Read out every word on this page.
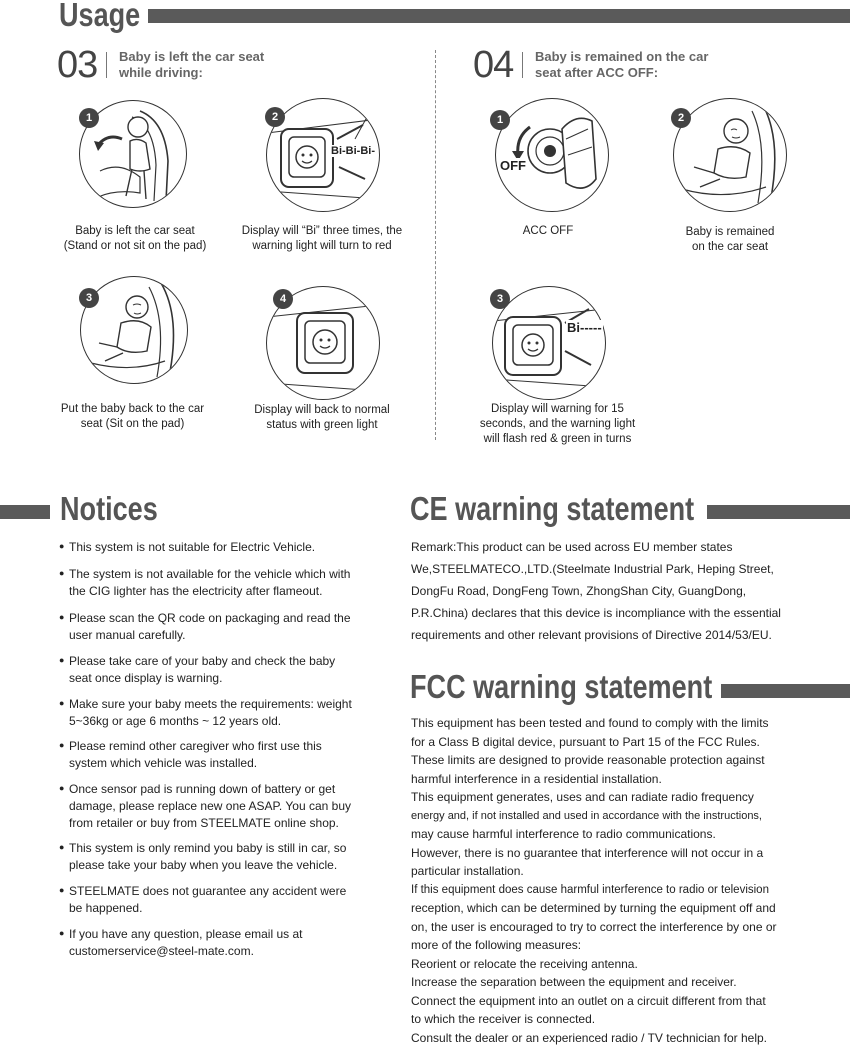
Usage
03 Baby is left the car seat
while driving:
1
Baby is left the car seat
(Stand or not sit on the pad)
Bi-Bi-Bi-
2
Display will “Bi” three times, the
warning light will turn to red
3
Put the baby back to the car
seat (Sit on the pad)
4
Display will back to normal
status with green light
04 Baby is remained on the car
seat after ACC OFF:
OFF
1
ACC OFF
2
Baby is remained
on the car seat
Bi-----
3
Display will warning for 15
seconds, and the warning light
will flash red & green in turns
Notices
● This system is not suitable for Electric Vehicle.
● The system is not available for the vehicle which with
the CIG lighter has the electricity after flameout.
● Please scan the QR code on packaging and read the
user manual carefully.
● Please take care of your baby and check the baby
seat once display is warning.
● Make sure your baby meets the requirements: weight
5~36kg or age 6 months ~ 12 years old.
● Please remind other caregiver who first use this
system which vehicle was installed.
● Once sensor pad is running down of battery or get
damage, please replace new one ASAP. You can buy
from retailer or buy from STEELMATE online shop.
● This system is only remind you baby is still in car, so
please take your baby when you leave the vehicle.
● STEELMATE does not guarantee any accident were
be happened.
● If you have any question, please email us at
customerservice@steel-mate.com.
CE warning statement

Remark:This product can be used across EU member states

We,STEELMATECO.,LTD.(Steelmate Industrial Park, Heping Street,

DongFu Road, DongFeng Town, ZhongShan City, GuangDong,

P.R.China) declares that this device is incompliance with the essential

requirements and other relevant provisions of Directive 2014/53/EU.

FCC warning statement

This equipment has been tested and found to comply with the limits

for a Class B digital device, pursuant to Part 15 of the FCC Rules.

These limits are designed to provide reasonable protection against

harmful interference in a residential installation.

This equipment generates, uses and can radiate radio frequency

energy and, if not installed and used in accordance with the instructions,

may cause harmful interference to radio communications.

However, there is no guarantee that interference will not occur in a

particular installation.

If this equipment does cause harmful interference to radio or television

reception, which can be determined by turning the equipment off and

on, the user is encouraged to try to correct the interference by one or

more of the following measures:

Reorient or relocate the receiving antenna.

Increase the separation between the equipment and receiver.

Connect the equipment into an outlet on a circuit different from that

to which the receiver is connected.

Consult the dealer or an experienced radio / TV technician for help.
